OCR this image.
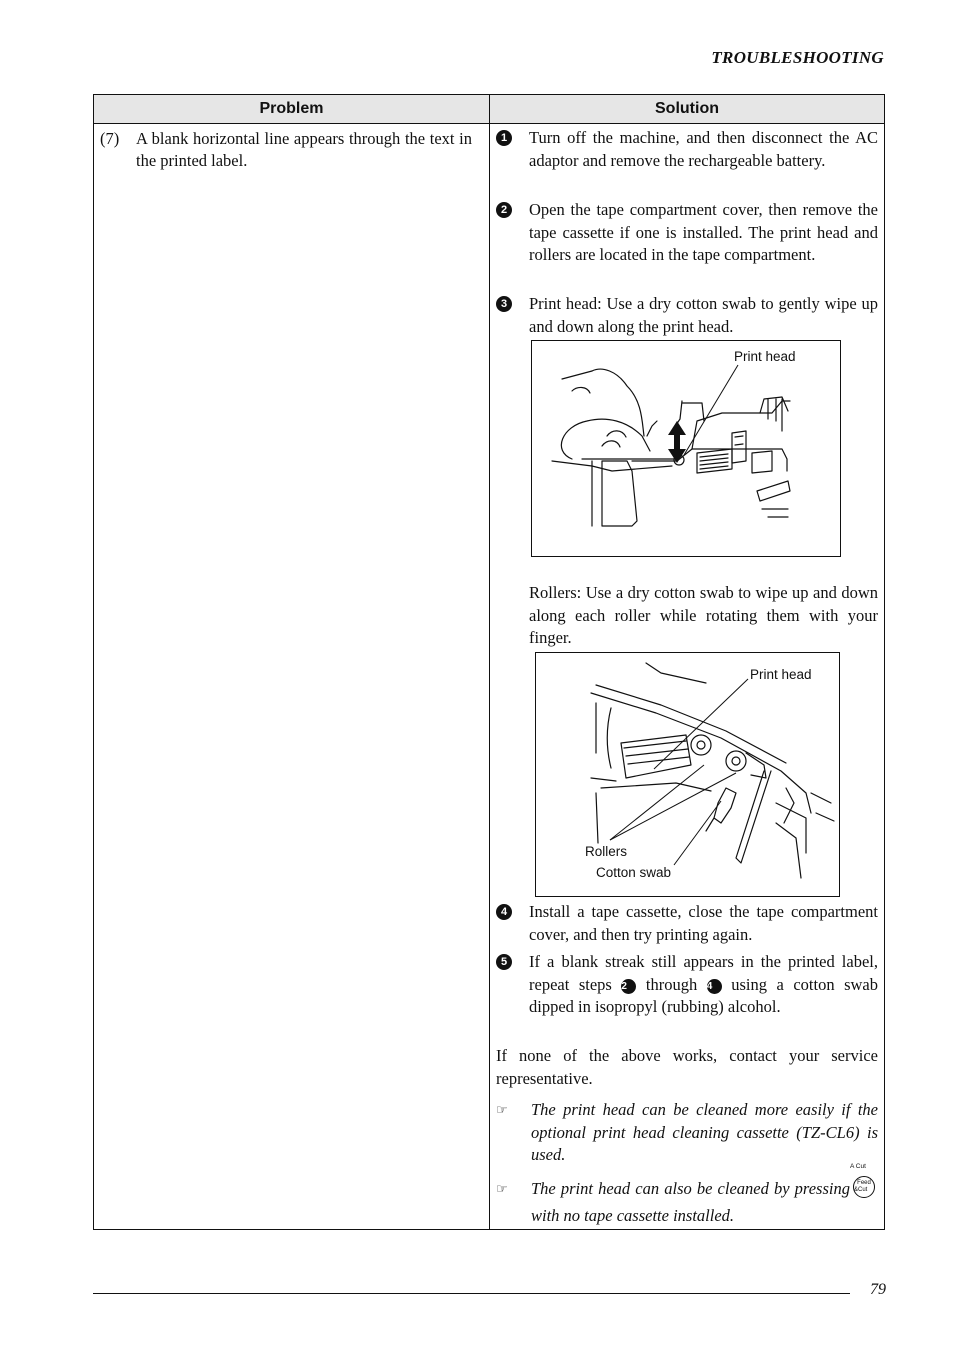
TROUBLESHOOTING
Problem	Solution
(7) A blank horizontal line appears through the text in the printed label.
1 Turn off the machine, and then disconnect the AC adaptor and remove the rechargeable battery.
2 Open the tape compartment cover, then remove the tape cassette if one is installed. The print head and rollers are located in the tape compartment.
3 Print head: Use a dry cotton swab to gently wipe up and down along the print head.
Print head
Rollers: Use a dry cotton swab to wipe up and down along each roller while rotating them with your finger.
Print head
Rollers
Cotton swab
4 Install a tape cassette, close the tape compartment cover, and then try printing again.
5 If a blank streak still appears in the printed label, repeat steps 2 through 4 using a cotton swab dipped in isopropyl (rubbing) alcohol.
If none of the above works, contact your service representative.
☞ The print head can be cleaned more easily if the optional print head cleaning cassette (TZ-CL6) is used.
☞ The print head can also be cleaned by pressing
A Cut
Feed &Cut
with no tape cassette installed.
79
